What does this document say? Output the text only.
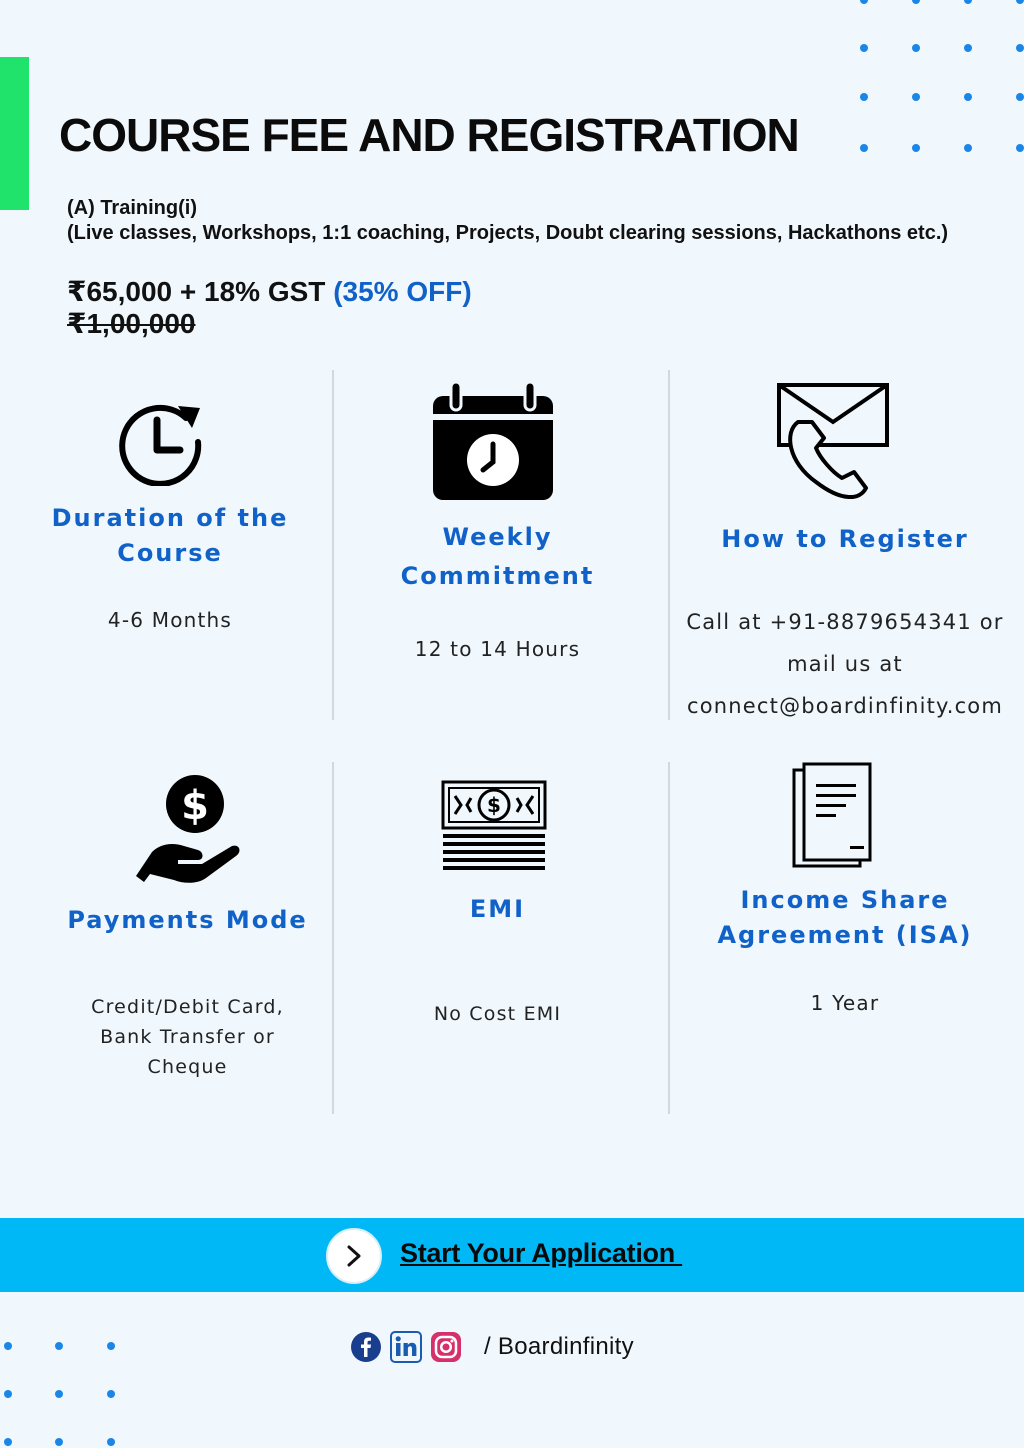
COURSE FEE AND REGISTRATION
(A) Training(i)
(Live classes, Workshops, 1:1 coaching, Projects, Doubt clearing sessions, Hackathons etc.)
₹65,000 + 18% GST (35% OFF)
₹1,00,000
Duration of the
Course
4-6 Months
Weekly
Commitment
12 to 14 Hours
How to Register
Call at +91-8879654341 or
mail us at
connect@boardinfinity.com
$
Payments Mode
Credit/Debit Card,
Bank Transfer or
Cheque
$
EMI
No Cost EMI
Income Share
Agreement (ISA)
1 Year
Start Your Application
/ Boardinfinity
